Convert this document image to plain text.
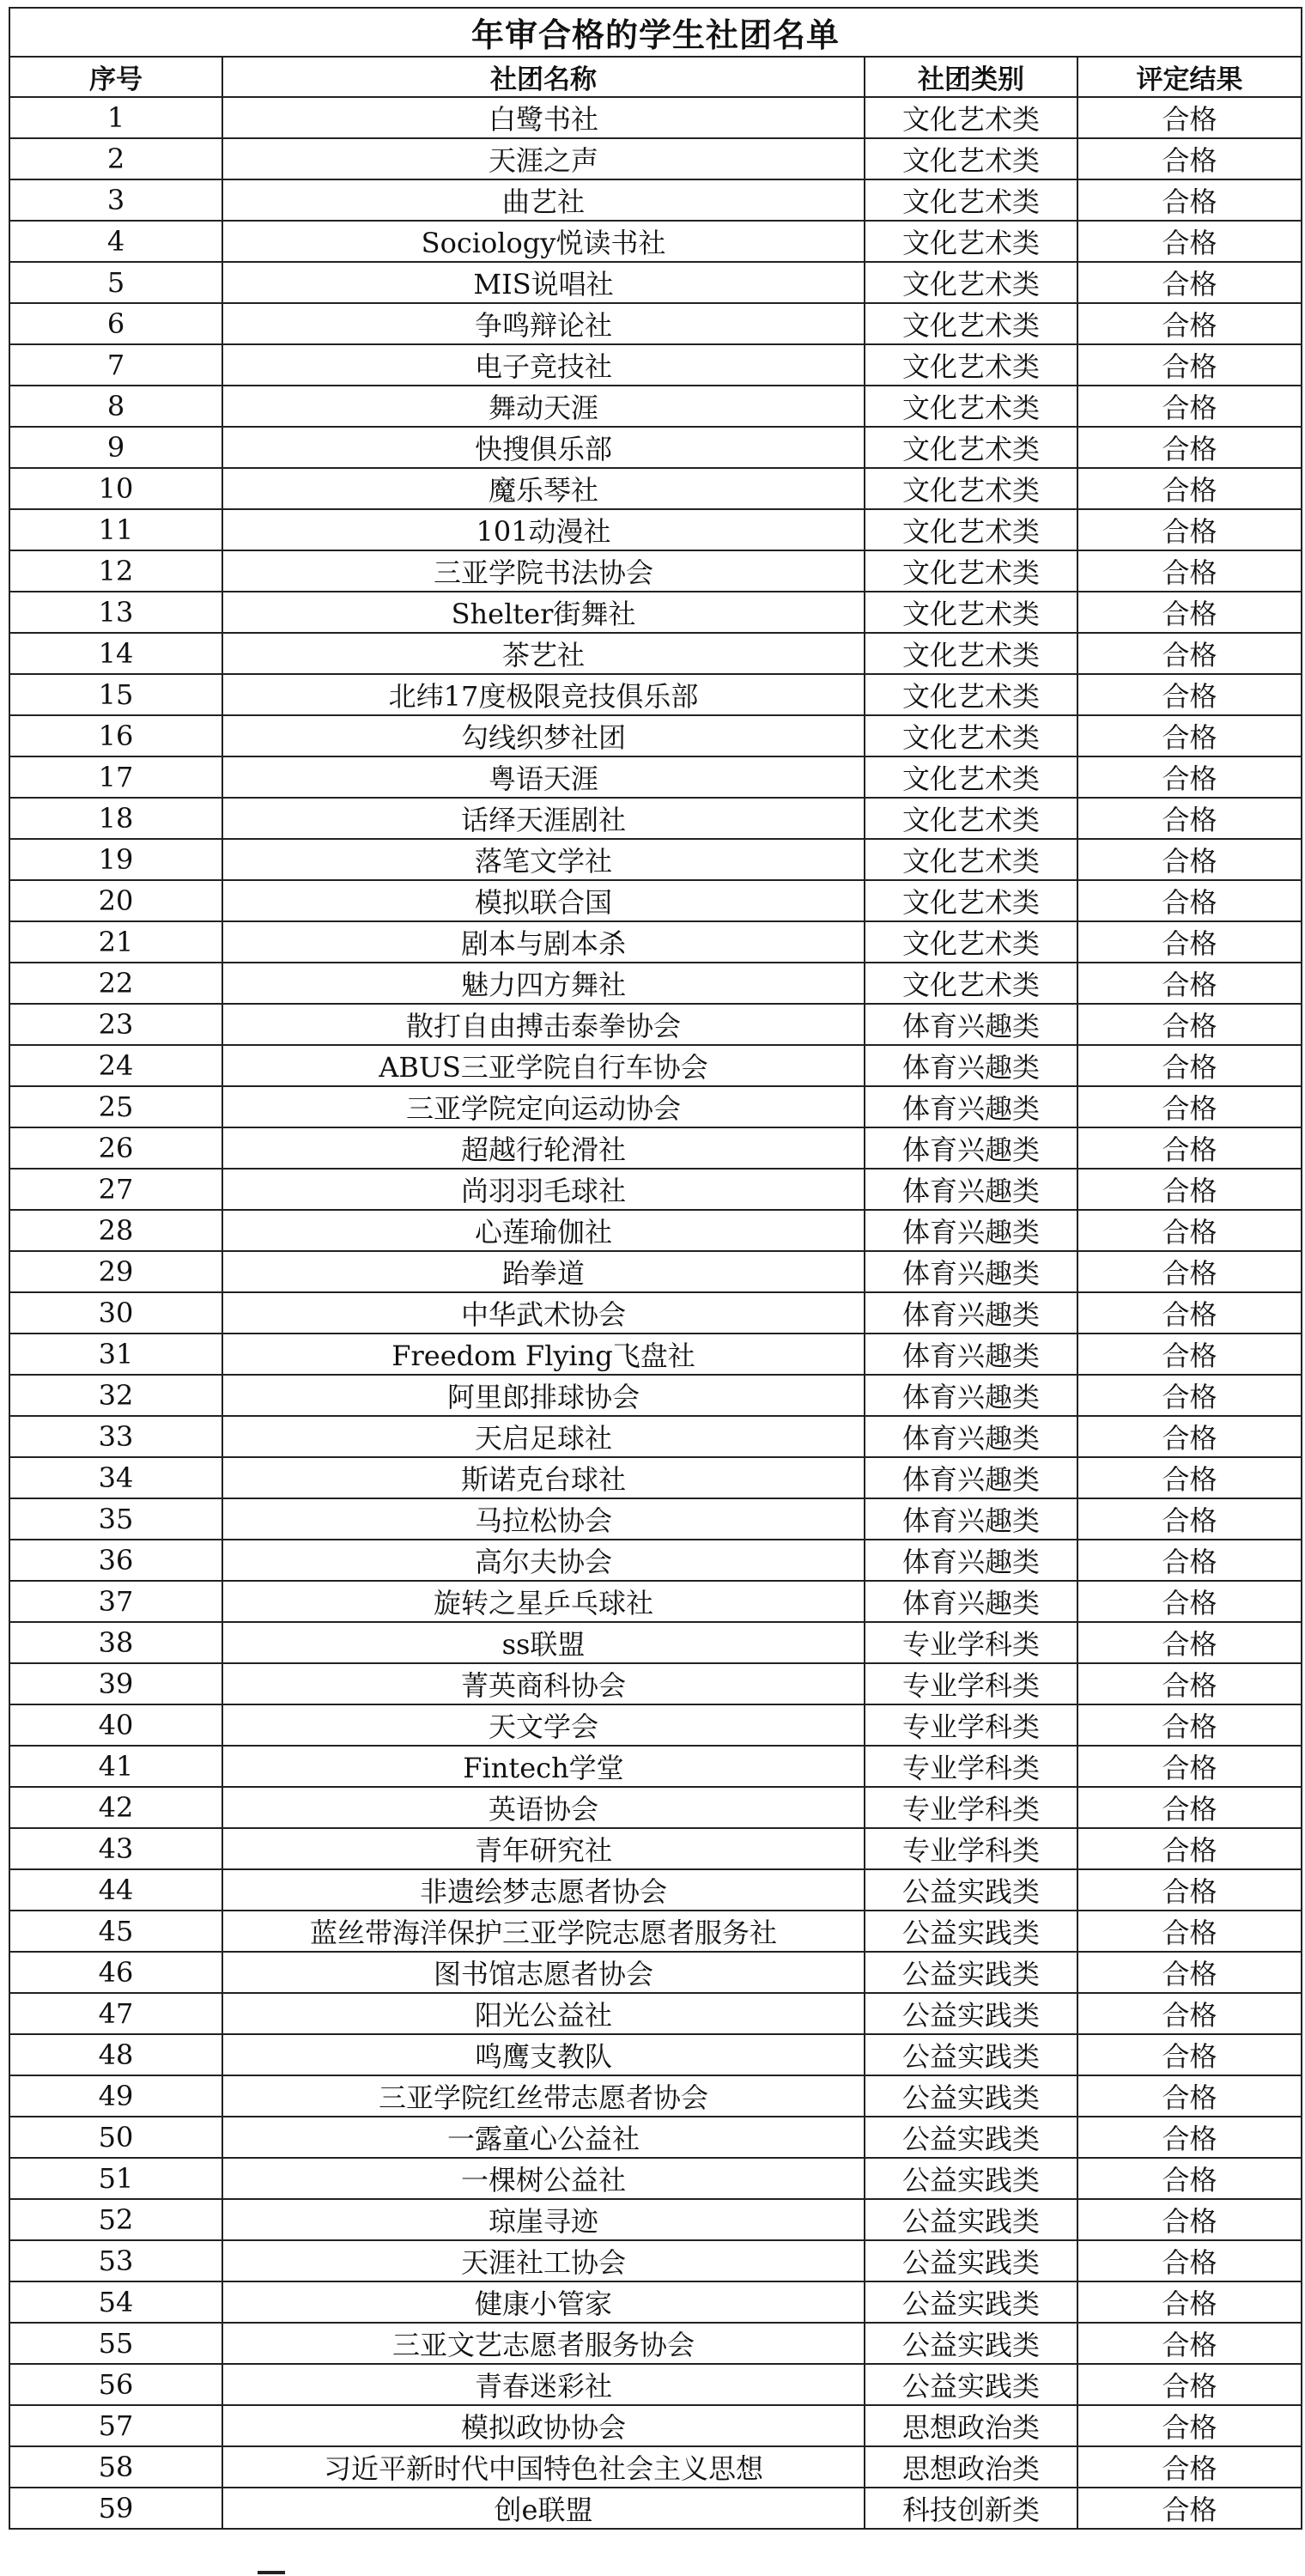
年审合格的学生社团名单			
序号	社团名称	社团类别	评定结果
1	白鹭书社	文化艺术类	合格
2	天涯之声	文化艺术类	合格
3	曲艺社	文化艺术类	合格
4	Sociology悦读书社	文化艺术类	合格
5	MIS说唱社	文化艺术类	合格
6	争鸣辩论社	文化艺术类	合格
7	电子竞技社	文化艺术类	合格
8	舞动天涯	文化艺术类	合格
9	快搜俱乐部	文化艺术类	合格
10	魔乐琴社	文化艺术类	合格
11	101动漫社	文化艺术类	合格
12	三亚学院书法协会	文化艺术类	合格
13	Shelter街舞社	文化艺术类	合格
14	茶艺社	文化艺术类	合格
15	北纬17度极限竞技俱乐部	文化艺术类	合格
16	勾线织梦社团	文化艺术类	合格
17	粤语天涯	文化艺术类	合格
18	话绎天涯剧社	文化艺术类	合格
19	落笔文学社	文化艺术类	合格
20	模拟联合国	文化艺术类	合格
21	剧本与剧本杀	文化艺术类	合格
22	魅力四方舞社	文化艺术类	合格
23	散打自由搏击泰拳协会	体育兴趣类	合格
24	ABUS三亚学院自行车协会	体育兴趣类	合格
25	三亚学院定向运动协会	体育兴趣类	合格
26	超越行轮滑社	体育兴趣类	合格
27	尚羽羽毛球社	体育兴趣类	合格
28	心莲瑜伽社	体育兴趣类	合格
29	跆拳道	体育兴趣类	合格
30	中华武术协会	体育兴趣类	合格
31	Freedom Flying飞盘社	体育兴趣类	合格
32	阿里郎排球协会	体育兴趣类	合格
33	天启足球社	体育兴趣类	合格
34	斯诺克台球社	体育兴趣类	合格
35	马拉松协会	体育兴趣类	合格
36	高尔夫协会	体育兴趣类	合格
37	旋转之星乒乓球社	体育兴趣类	合格
38	ss联盟	专业学科类	合格
39	菁英商科协会	专业学科类	合格
40	天文学会	专业学科类	合格
41	Fintech学堂	专业学科类	合格
42	英语协会	专业学科类	合格
43	青年研究社	专业学科类	合格
44	非遗绘梦志愿者协会	公益实践类	合格
45	蓝丝带海洋保护三亚学院志愿者服务社	公益实践类	合格
46	图书馆志愿者协会	公益实践类	合格
47	阳光公益社	公益实践类	合格
48	鸣鹰支教队	公益实践类	合格
49	三亚学院红丝带志愿者协会	公益实践类	合格
50	一露童心公益社	公益实践类	合格
51	一棵树公益社	公益实践类	合格
52	琼崖寻迹	公益实践类	合格
53	天涯社工协会	公益实践类	合格
54	健康小管家	公益实践类	合格
55	三亚文艺志愿者服务协会	公益实践类	合格
56	青春迷彩社	公益实践类	合格
57	模拟政协协会	思想政治类	合格
58	习近平新时代中国特色社会主义思想	思想政治类	合格
59	创e联盟	科技创新类	合格
